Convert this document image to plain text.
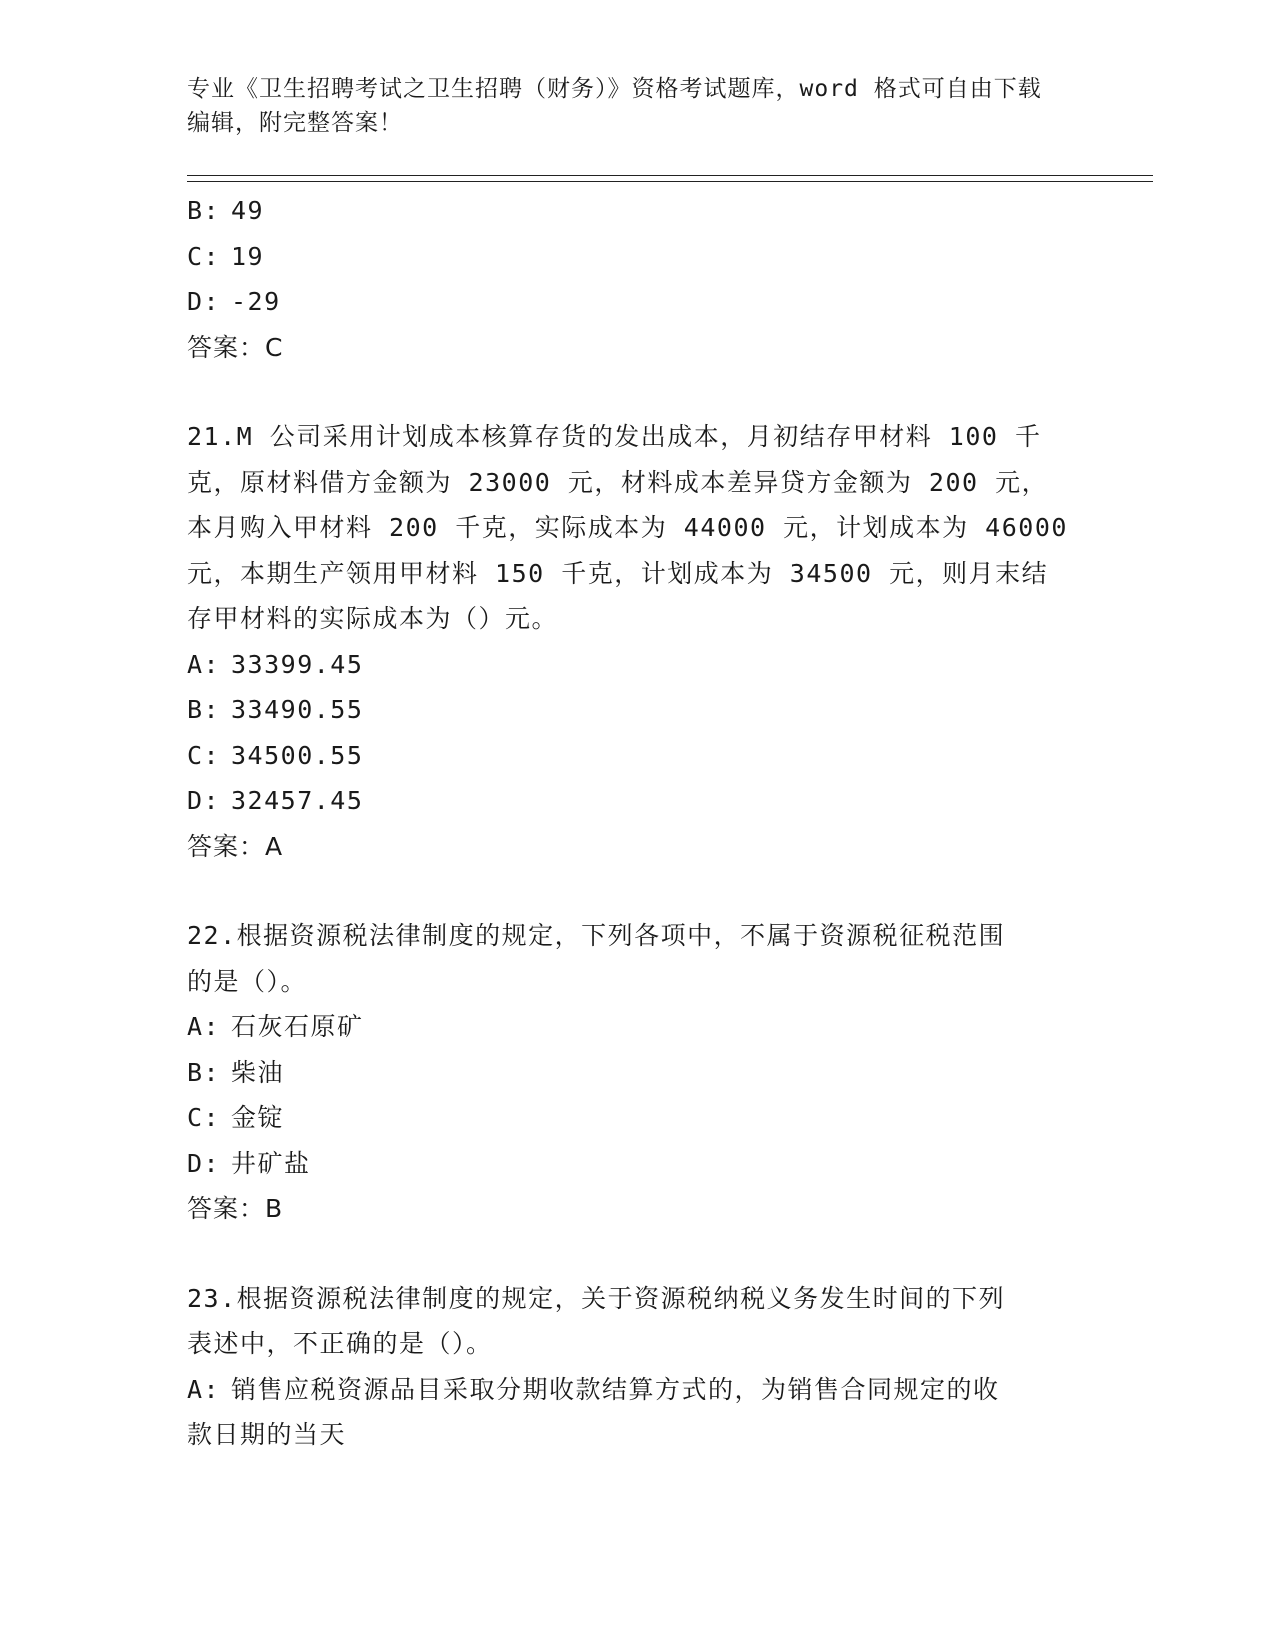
专业《卫生招聘考试之卫生招聘（财务）》资格考试题库，word 格式可自由下载
编辑，附完整答案！
B: 49
C: 19
D: -29
答案：C
21.M 公司采用计划成本核算存货的发出成本，月初结存甲材料 100 千
克，原材料借方金额为 23000 元，材料成本差异贷方金额为 200 元，
本月购入甲材料 200 千克，实际成本为 44000 元，计划成本为 46000
元，本期生产领用甲材料 150 千克，计划成本为 34500 元，则月末结
存甲材料的实际成本为（）元。
A: 33399.45
B: 33490.55
C: 34500.55
D: 32457.45
答案：A
22.根据资源税法律制度的规定，下列各项中，不属于资源税征税范围
的是（）。
A: 石灰石原矿
B: 柴油
C: 金锭
D: 井矿盐
答案：B
23.根据资源税法律制度的规定，关于资源税纳税义务发生时间的下列
表述中，不正确的是（）。
A: 销售应税资源品目采取分期收款结算方式的，为销售合同规定的收
款日期的当天
